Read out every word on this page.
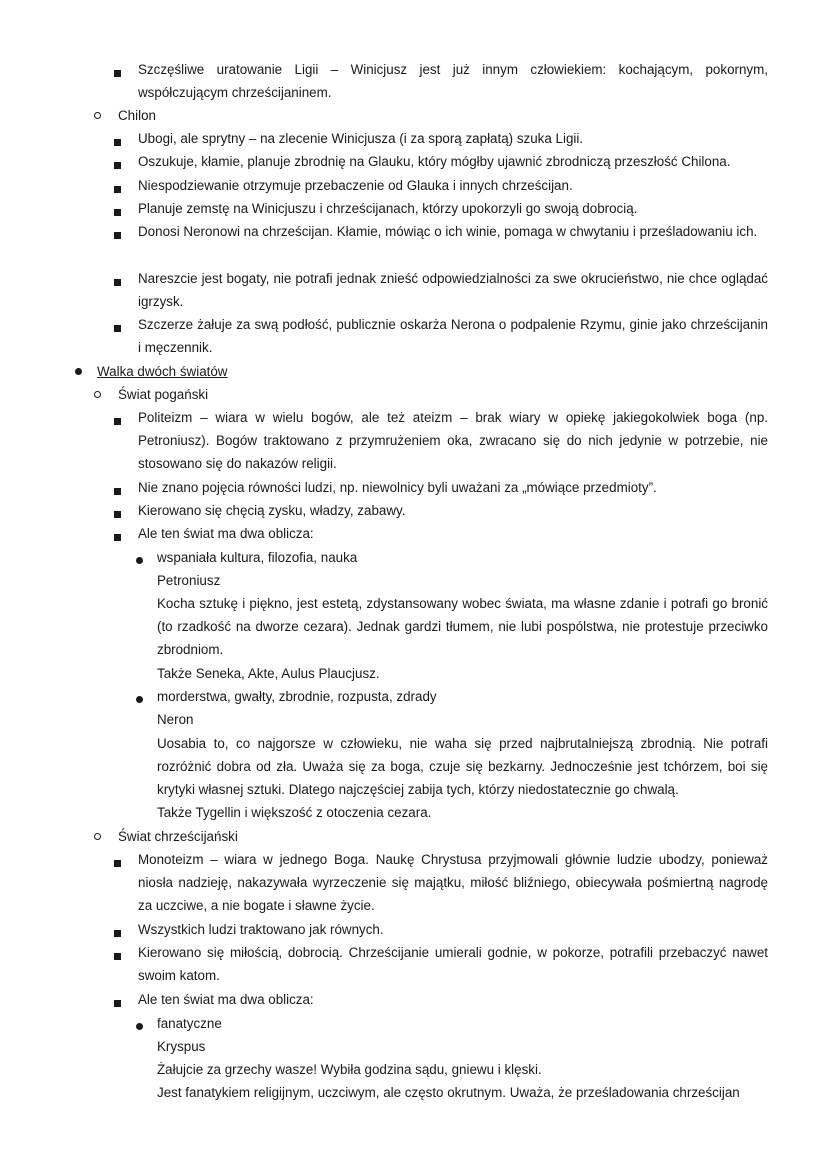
Szczęśliwe uratowanie Ligii – Winicjusz jest już innym człowiekiem: kochającym, pokornym, współczującym chrześcijaninem.
Chilon
Ubogi, ale sprytny – na zlecenie Winicjusza (i za sporą zapłatą) szuka Ligii.
Oszukuje, kłamie, planuje zbrodnię na Glauku, który mógłby ujawnić zbrodniczą przeszłość Chilona.
Niespodziewanie otrzymuje przebaczenie od Glauka i innych chrześcijan.
Planuje zemstę na Winicjuszu i chrześcijanach, którzy upokorzyli go swoją dobrocią.
Donosi Neronowi na chrześcijan. Kłamie, mówiąc o ich winie, pomaga w chwytaniu i prześladowaniu ich.
Nareszcie jest bogaty, nie potrafi jednak znieść odpowiedzialności za swe okrucieństwo, nie chce oglądać igrzysk.
Szczerze żałuje za swą podłość, publicznie oskarża Nerona o podpalenie Rzymu, ginie jako chrześcijanin i męczennik.
Walka dwóch światów
Świat pogański
Politeizm – wiara w wielu bogów, ale też ateizm – brak wiary w opiekę jakiegokolwiek boga (np. Petroniusz). Bogów traktowano z przymrużeniem oka, zwracano się do nich jedynie w potrzebie, nie stosowano się do nakazów religii.
Nie znano pojęcia równości ludzi, np. niewolnicy byli uważani za „mówiące przedmioty”.
Kierowano się chęcią zysku, władzy, zabawy.
Ale ten świat ma dwa oblicza:
wspaniała kultura, filozofia, nauka
Petroniusz
Kocha sztukę i piękno, jest estetą, zdystansowany wobec świata, ma własne zdanie i potrafi go bronić (to rzadkość na dworze cezara). Jednak gardzi tłumem, nie lubi pospólstwa, nie protestuje przeciwko zbrodniom.
Także Seneka, Akte, Aulus Plaucjusz.
morderstwa, gwałty, zbrodnie, rozpusta, zdrady
Neron
Uosabia to, co najgorsze w człowieku, nie waha się przed najbrutalniejszą zbrodnią. Nie potrafi rozróżnić dobra od zła. Uważa się za boga, czuje się bezkarny. Jednocześnie jest tchórzem, boi się krytyki własnej sztuki. Dlatego najczęściej zabija tych, którzy niedostatecznie go chwalą.
Także Tygellin i większość z otoczenia cezara.
Świat chrześcijański
Monoteizm – wiara w jednego Boga. Naukę Chrystusa przyjmowali głównie ludzie ubodzy, ponieważ niosła nadzieję, nakazywała wyrzeczenie się majątku, miłość bliźniego, obiecywała pośmiertną nagrodę za uczciwe, a nie bogate i sławne życie.
Wszystkich ludzi traktowano jak równych.
Kierowano się miłością, dobrocią. Chrześcijanie umierali godnie, w pokorze, potrafili przebaczyć nawet swoim katom.
Ale ten świat ma dwa oblicza:
fanatyczne
Kryspus
Żałujcie za grzechy wasze! Wybiła godzina sądu, gniewu i klęski.
Jest fanatykiem religijnym, uczciwym, ale często okrutnym. Uważa, że prześladowania chrześcijan
